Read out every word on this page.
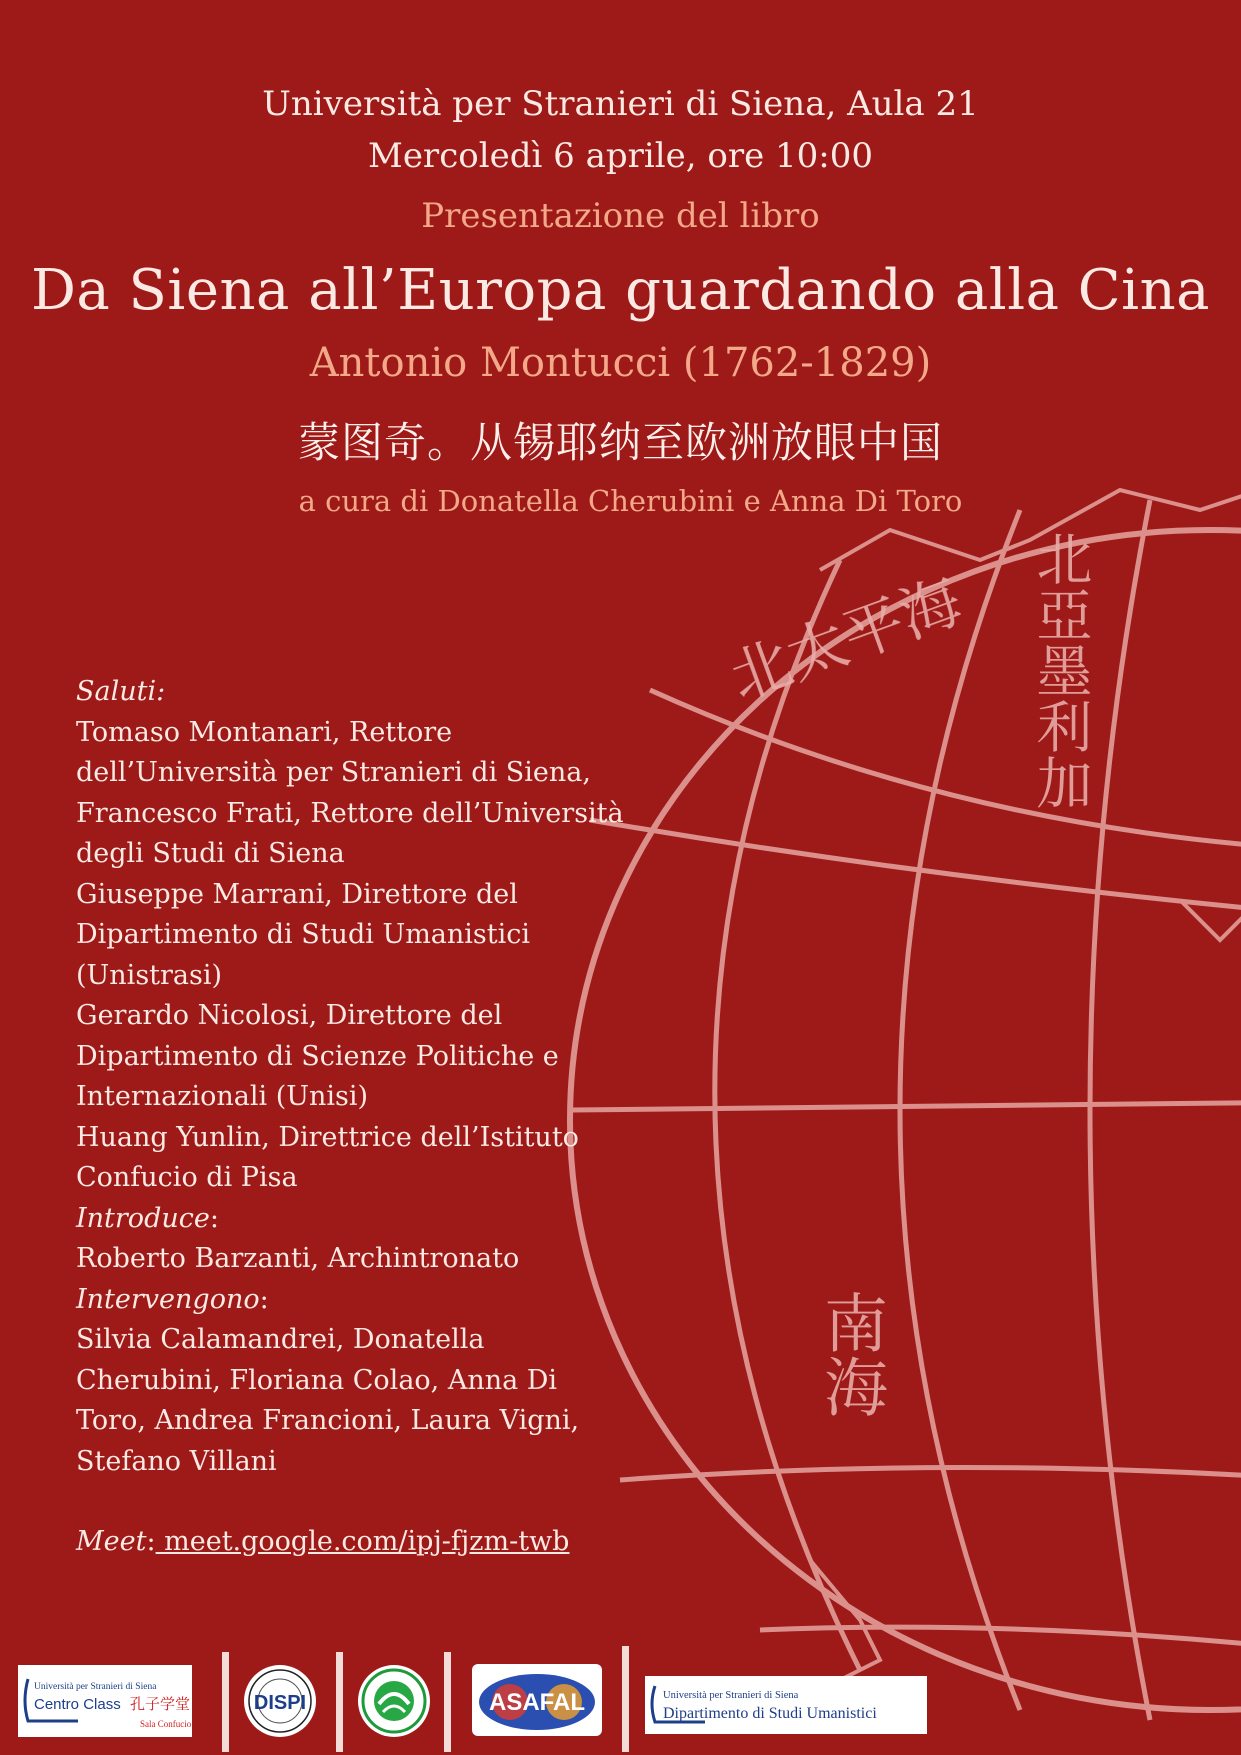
北太平海 北亞墨利加
南海
Università per Stranieri di Siena, Aula 21
Mercoledì 6 aprile, ore 10:00
Presentazione del libro
Da Siena all’Europa guardando alla Cina
Antonio Montucci (1762-1829)
蒙图奇。从锡耶纳至欧洲放眼中国
a cura di Donatella Cherubini e Anna Di Toro
Saluti:
Tomaso Montanari, Rettore
dell’Università per Stranieri di Siena,
Francesco Frati, Rettore dell’Università
degli Studi di Siena
Giuseppe Marrani, Direttore del
Dipartimento di Studi Umanistici
(Unistrasi)
Gerardo Nicolosi, Direttore del
Dipartimento di Scienze Politiche e
Internazionali (Unisi)
Huang Yunlin, Direttrice dell’Istituto
Confucio di Pisa
Introduce:
Roberto Barzanti, Archintronato
Intervengono:
Silvia Calamandrei, Donatella
Cherubini, Floriana Colao, Anna Di
Toro, Andrea Francioni, Laura Vigni,
Stefano Villani
Meet: meet.google.com/ipj-fjzm-twb
Università per Stranieri di Siena
Centro Class 孔子学堂
Sala Confucio
DISPI	ASAFAL	Università per Stranieri di Siena
Dipartimento di Studi Umanistici
